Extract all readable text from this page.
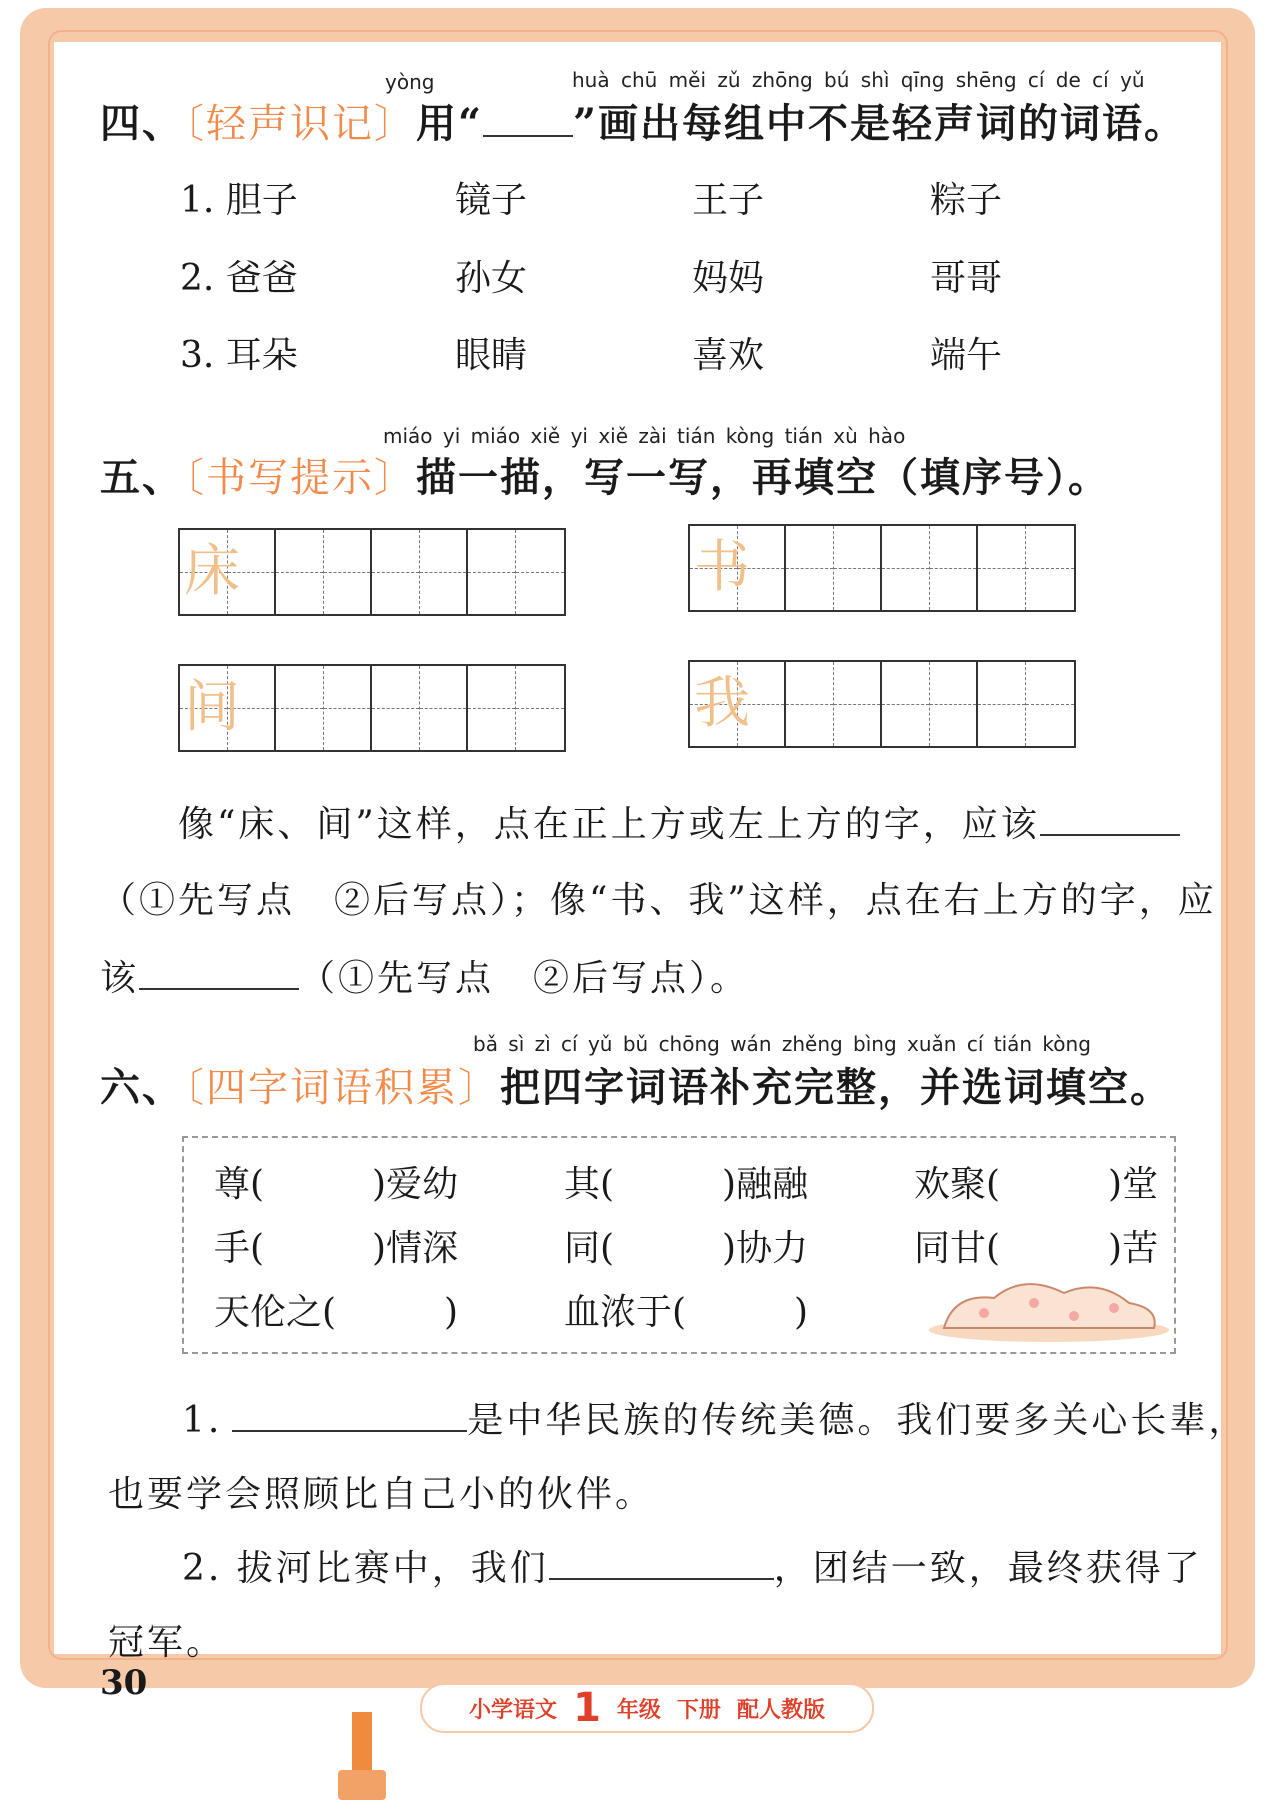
yòng	huà chū měi zǔ zhōng bú shì qīng shēng cí de cí yǔ
四、〔轻声识记〕用“ ”画出每组中不是轻声词的词语。
1. 胆子	镜子	王子	粽子
2. 爸爸	孙女	妈妈	哥哥
3. 耳朵	眼睛	喜欢	端午
miáo yi miáo xiě yi xiě zài tián kòng tián xù hào
五、〔书写提示〕描一描，写一写，再填空（填序号）。
床	书
间	我
像“床、间”这样，点在正上方或左上方的字，应该
（①先写点　②后写点）；像“书、我”这样，点在右上方的字，应
该	（①先写点　②后写点）。
bǎ sì zì cí yǔ bǔ chōng wán zhěng bìng xuǎn cí tián kòng
六、〔四字词语积累〕把四字词语补充完整，并选词填空。
尊(　　　)爱幼	其(　　　)融融	欢聚(　　　)堂
手(　　　)情深	同(　　　)协力	同甘(　　　)苦
天伦之(　　　)	血浓于(　　　)
1.	是中华民族的传统美德。我们要多关心长辈，
也要学会照顾比自己小的伙伴。
2. 拔河比赛中，我们	，团结一致，最终获得了
冠军。
30
小学语文 1 年级 下册 配人教版
